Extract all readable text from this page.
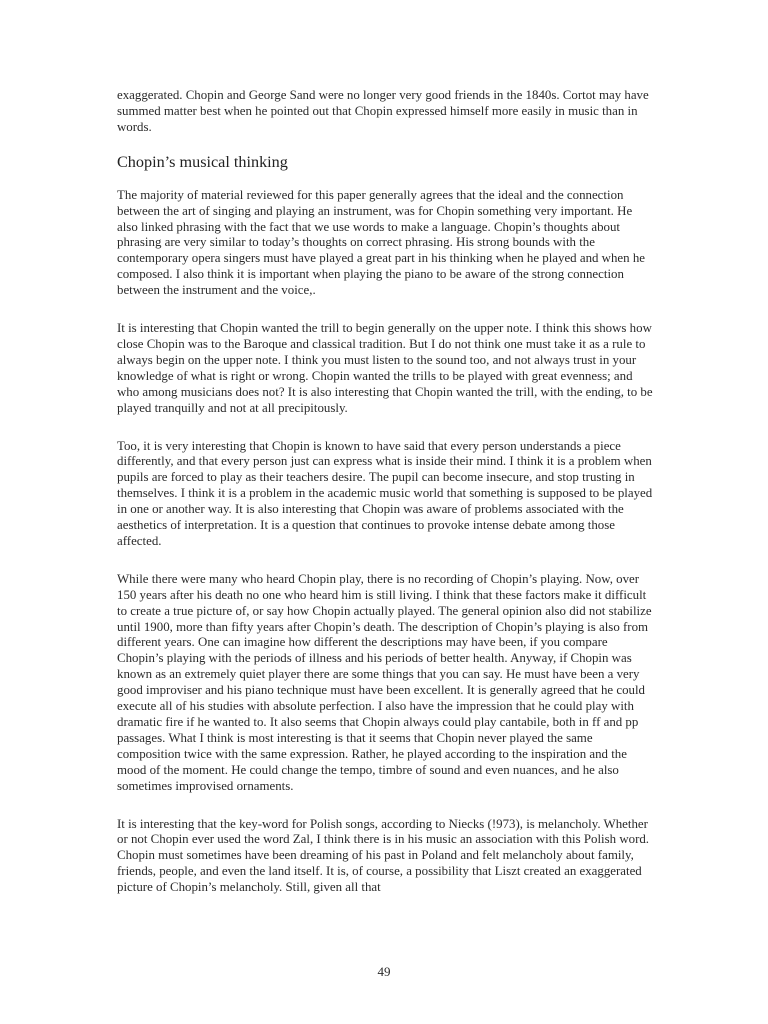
exaggerated. Chopin and George Sand were no longer very good friends in the 1840s. Cortot may have summed matter best when he pointed out that Chopin expressed himself more easily in music than in words.

Chopin’s musical thinking

The majority of material reviewed for this paper generally agrees that the ideal and the connection between the art of singing and playing an instrument, was for Chopin something very important. He also linked phrasing with the fact that we use words to make a language. Chopin’s thoughts about phrasing are very similar to today’s thoughts on correct phrasing. His strong bounds with the contemporary opera singers must have played a great part in his thinking when he played and when he composed. I also think it is important when playing the piano to be aware of the strong connection between the instrument and the voice,.

It is interesting that Chopin wanted the trill to begin generally on the upper note. I think this shows how close Chopin was to the Baroque and classical tradition. But I do not think one must take it as a rule to always begin on the upper note. I think you must listen to the sound too, and not always trust in your knowledge of what is right or wrong. Chopin wanted the trills to be played with great evenness; and who among musicians does not? It is also interesting that Chopin wanted the trill, with the ending, to be played tranquilly and not at all precipitously.

Too, it is very interesting that Chopin is known to have said that every person understands a piece differently, and that every person just can express what is inside their mind. I think it is a problem when pupils are forced to play as their teachers desire. The pupil can become insecure, and stop trusting in themselves. I think it is a problem in the academic music world that something is supposed to be played in one or another way. It is also interesting that Chopin was aware of problems associated with the aesthetics of interpretation. It is a question that continues to provoke intense debate among those affected.

While there were many who heard Chopin play, there is no recording of Chopin’s playing. Now, over 150 years after his death no one who heard him is still living. I think that these factors make it difficult to create a true picture of, or say how Chopin actually played. The general opinion also did not stabilize until 1900, more than fifty years after Chopin’s death. The description of Chopin’s playing is also from different years. One can imagine how different the descriptions may have been, if you compare Chopin’s playing with the periods of illness and his periods of better health. Anyway, if Chopin was known as an extremely quiet player there are some things that you can say. He must have been a very good improviser and his piano technique must have been excellent. It is generally agreed that he could execute all of his studies with absolute perfection. I also have the impression that he could play with dramatic fire if he wanted to. It also seems that Chopin always could play cantabile, both in ff and pp passages. What I think is most interesting is that it seems that Chopin never played the same composition twice with the same expression. Rather, he played according to the inspiration and the mood of the moment. He could change the tempo, timbre of sound and even nuances, and he also sometimes improvised ornaments.

It is interesting that the key-word for Polish songs, according to Niecks (!973), is melancholy. Whether or not Chopin ever used the word Zal, I think there is in his music an association with this Polish word. Chopin must sometimes have been dreaming of his past in Poland and felt melancholy about family, friends, people, and even the land itself. It is, of course, a possibility that Liszt created an exaggerated picture of Chopin’s melancholy. Still, given all that

49
